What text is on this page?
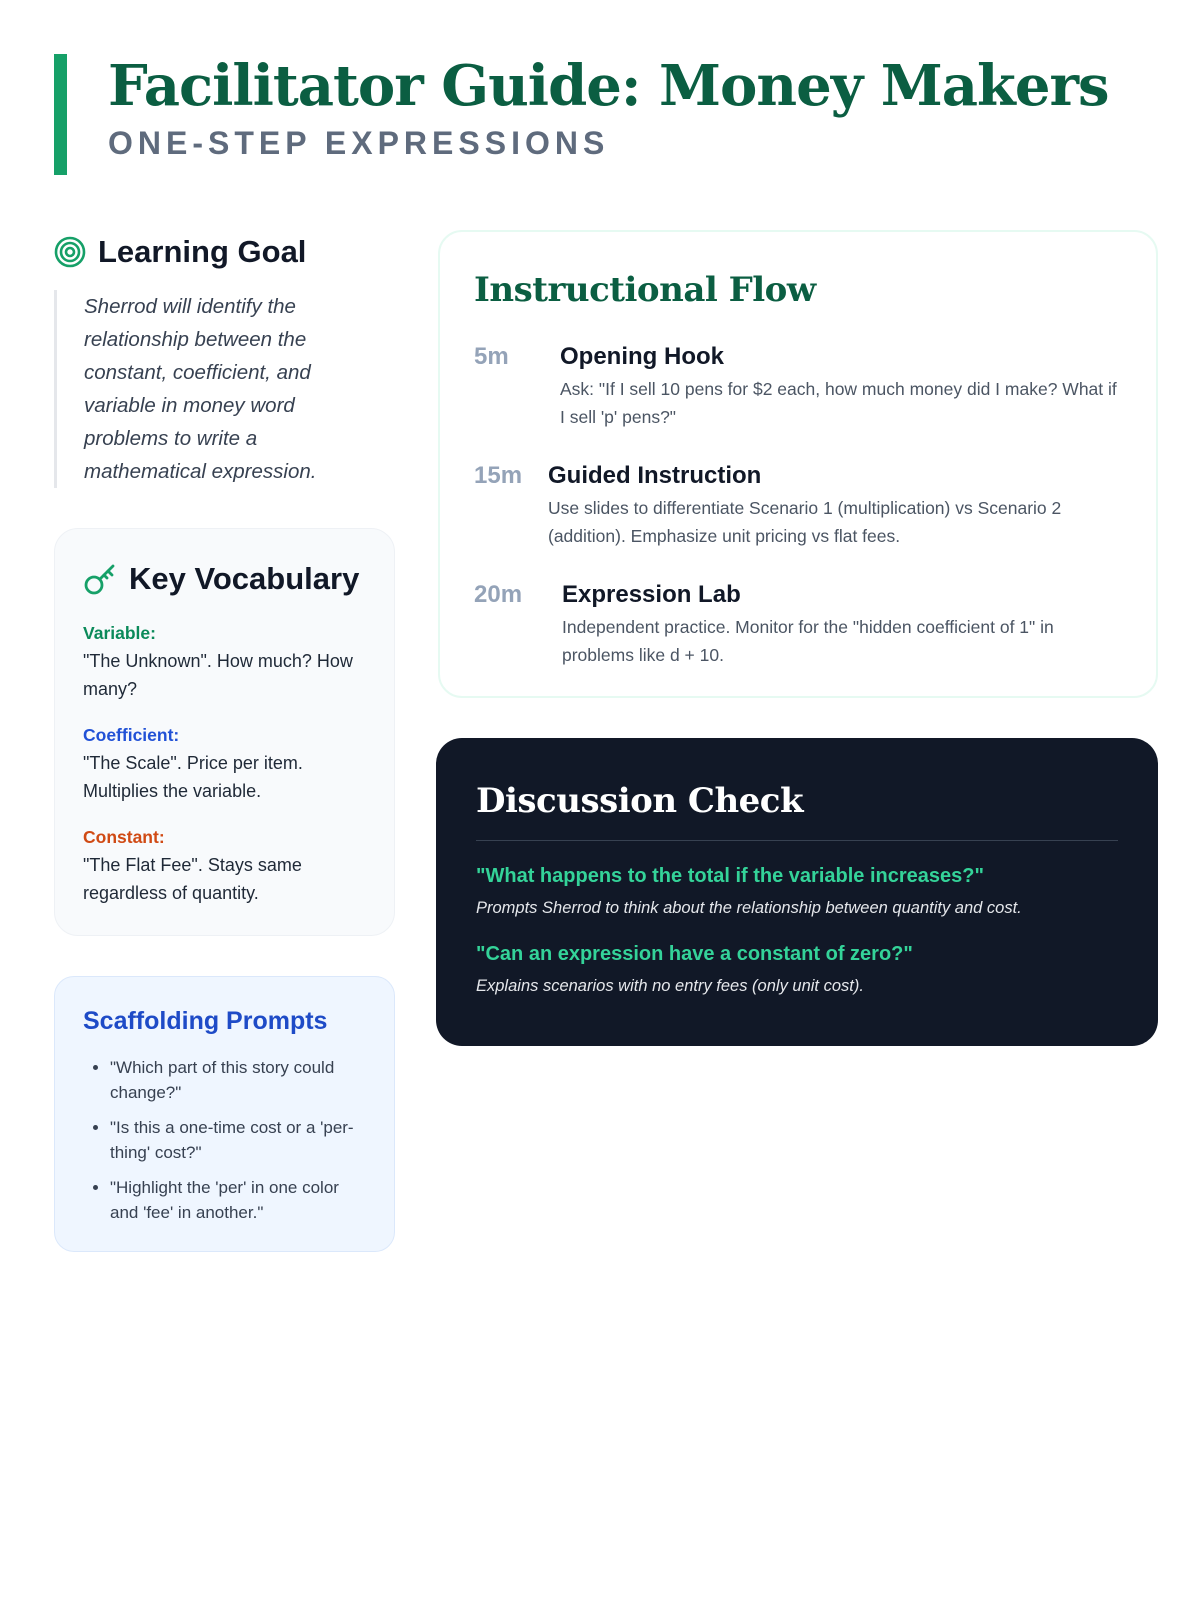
Facilitator Guide: Money Makers
ONE-STEP EXPRESSIONS
Learning Goal
Sherrod will identify the relationship between the constant, coefficient, and variable in money word problems to write a mathematical expression.
Key Vocabulary
Variable:
"The Unknown". How much? How many?
Coefficient:
"The Scale". Price per item. Multiplies the variable.
Constant:
"The Flat Fee". Stays same regardless of quantity.
Scaffolding Prompts
• "Which part of this story could change?"
• "Is this a one-time cost or a 'per-thing' cost?"
• "Highlight the 'per' in one color and 'fee' in another."
Instructional Flow
5m	Opening Hook
Ask: "If I sell 10 pens for $2 each, how much money did I make? What if I sell 'p' pens?"
15m	Guided Instruction
Use slides to differentiate Scenario 1 (multiplication) vs Scenario 2 (addition). Emphasize unit pricing vs flat fees.
20m	Expression Lab
Independent practice. Monitor for the "hidden coefficient of 1" in problems like d + 10.
Discussion Check
"What happens to the total if the variable increases?"
Prompts Sherrod to think about the relationship between quantity and cost.
"Can an expression have a constant of zero?"
Explains scenarios with no entry fees (only unit cost).
